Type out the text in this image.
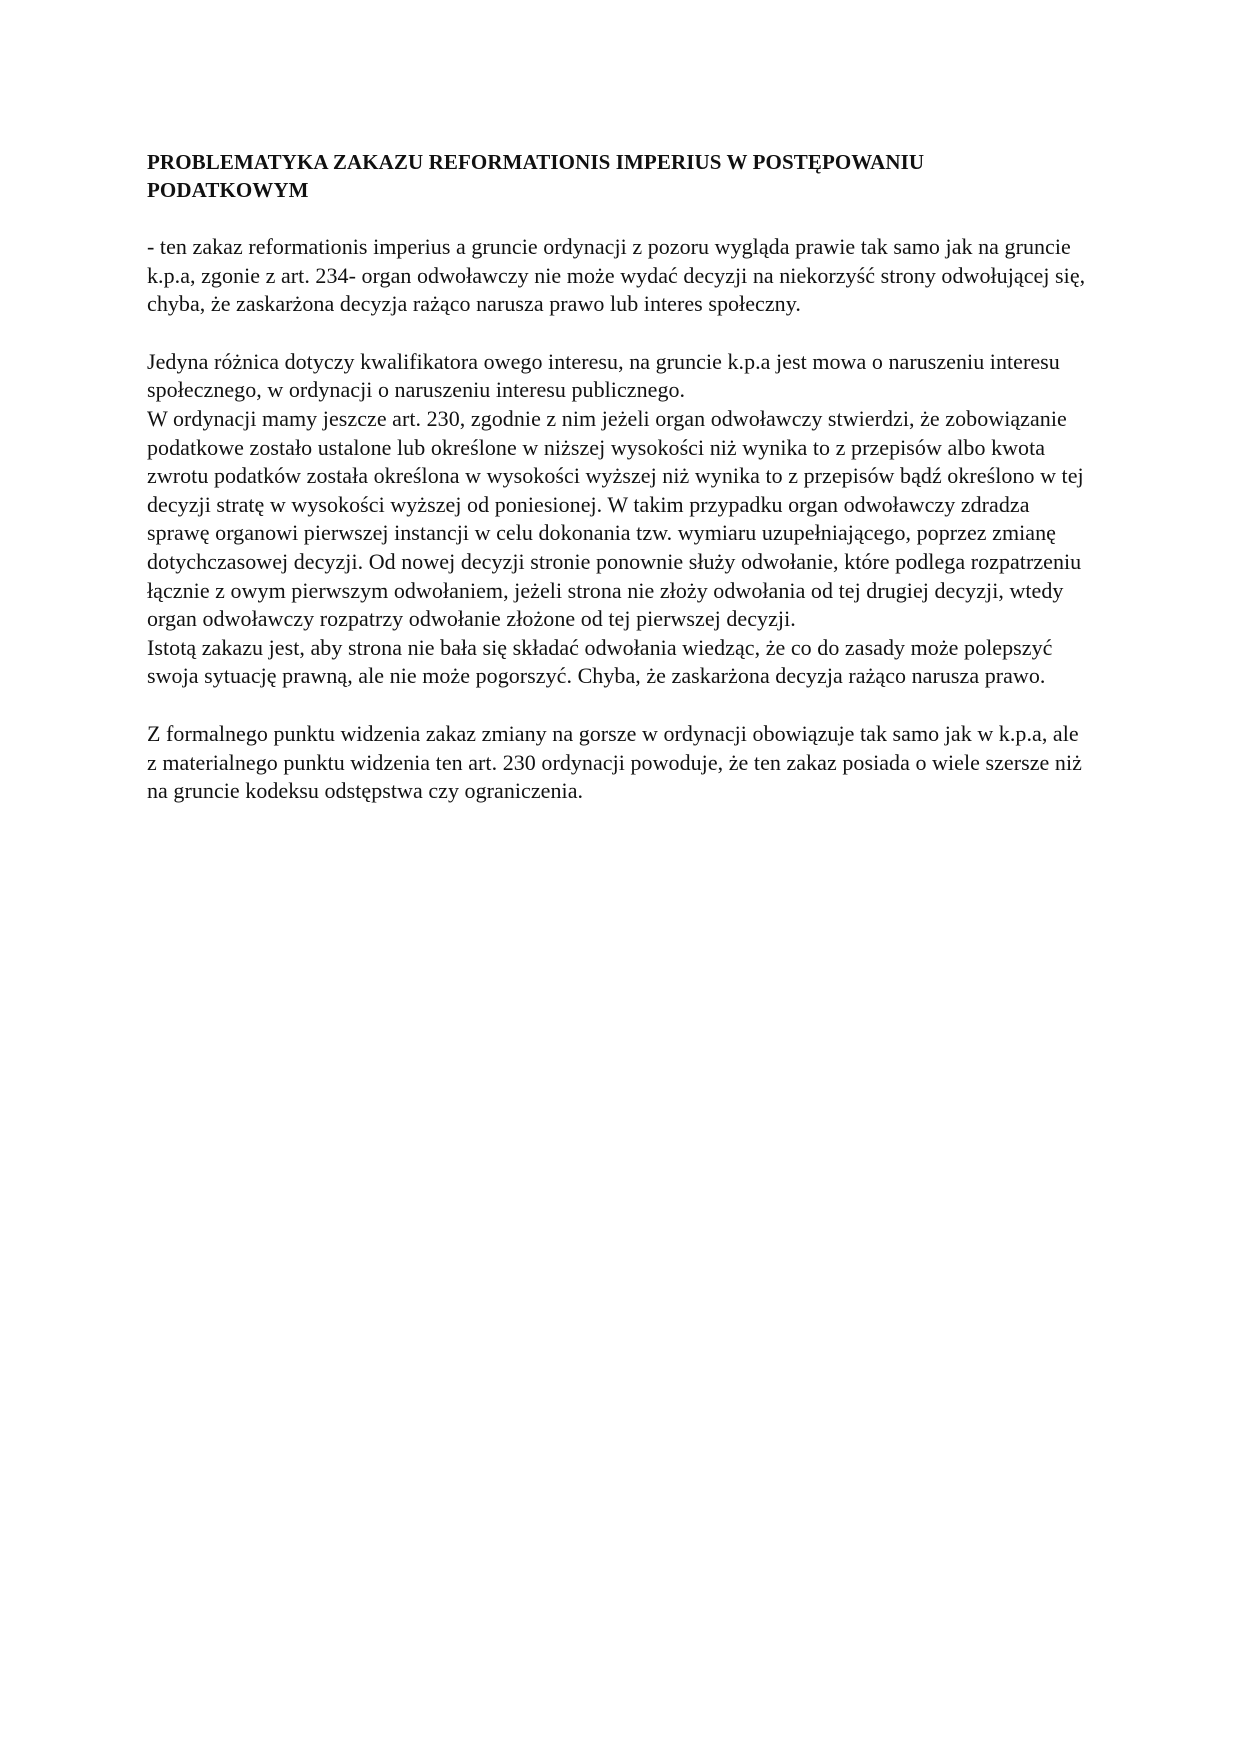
PROBLEMATYKA ZAKAZU REFORMATIONIS IMPERIUS W POSTĘPOWANIU PODATKOWYM

- ten zakaz reformationis imperius a gruncie ordynacji z pozoru wygląda prawie tak samo jak na gruncie k.p.a, zgonie z art. 234- organ odwoławczy nie może wydać decyzji na niekorzyść strony odwołującej się, chyba, że zaskarżona decyzja rażąco narusza prawo lub interes społeczny.

Jedyna różnica dotyczy kwalifikatora owego interesu, na gruncie k.p.a jest mowa o naruszeniu interesu społecznego, w ordynacji o naruszeniu interesu publicznego.

W ordynacji mamy jeszcze art. 230, zgodnie z nim jeżeli organ odwoławczy stwierdzi, że zobowiązanie podatkowe zostało ustalone lub określone w niższej wysokości niż wynika to z przepisów albo kwota zwrotu podatków została określona w wysokości wyższej niż wynika to z przepisów bądź określono w tej decyzji stratę w wysokości wyższej od poniesionej. W takim przypadku organ odwoławczy zdradza sprawę organowi pierwszej instancji w celu dokonania tzw. wymiaru uzupełniającego, poprzez zmianę dotychczasowej decyzji. Od nowej decyzji stronie ponownie służy odwołanie, które podlega rozpatrzeniu łącznie z owym pierwszym odwołaniem, jeżeli strona nie złoży odwołania od tej drugiej decyzji, wtedy organ odwoławczy rozpatrzy odwołanie złożone od tej pierwszej decyzji.

Istotą zakazu jest, aby strona nie bała się składać odwołania wiedząc, że co do zasady może polepszyć swoja sytuację prawną, ale nie może pogorszyć. Chyba, że zaskarżona decyzja rażąco narusza prawo.

Z formalnego punktu widzenia zakaz zmiany na gorsze w ordynacji obowiązuje tak samo jak w k.p.a, ale z materialnego punktu widzenia ten art. 230 ordynacji powoduje, że ten zakaz posiada o wiele szersze niż na gruncie kodeksu odstępstwa czy ograniczenia.
